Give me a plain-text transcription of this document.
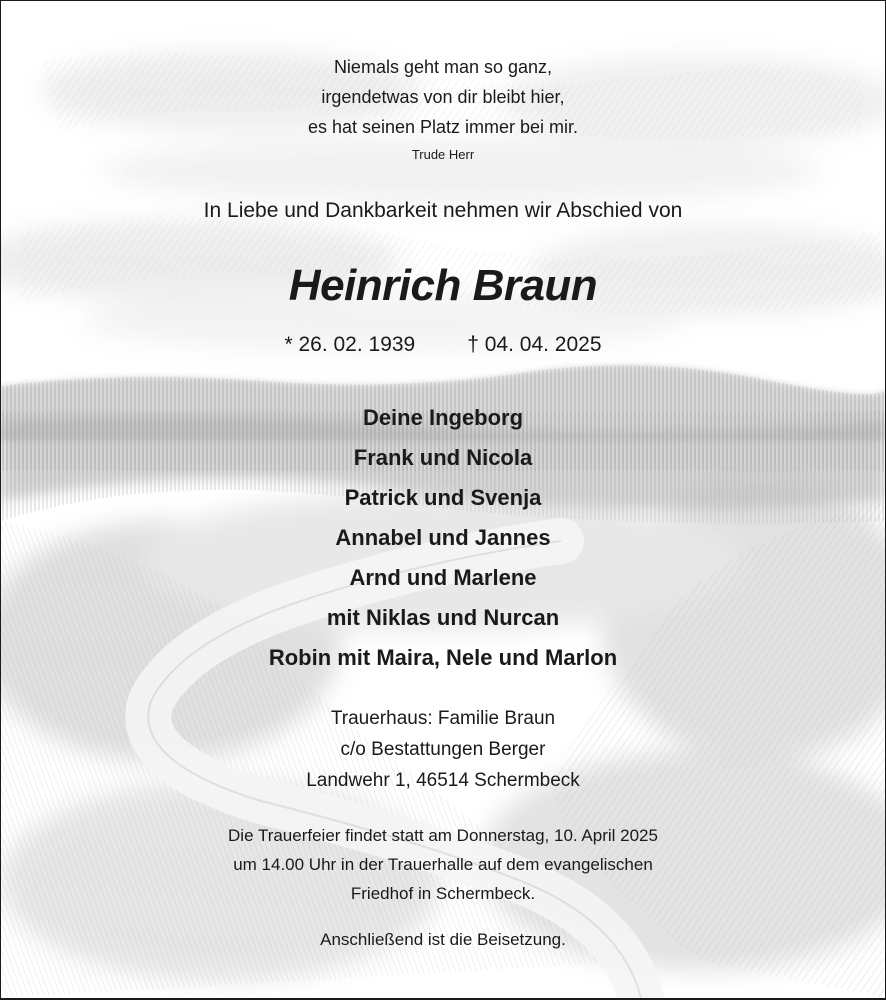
Niemals geht man so ganz,
irgendetwas von dir bleibt hier,
es hat seinen Platz immer bei mir.
Trude Herr
In Liebe und Dankbarkeit nehmen wir Abschied von
Heinrich Braun
* 26. 02. 1939 † 04. 04. 2025
Deine Ingeborg
Frank und Nicola
Patrick und Svenja
Annabel und Jannes
Arnd und Marlene
mit Niklas und Nurcan
Robin mit Maira, Nele und Marlon
Trauerhaus: Familie Braun
c/o Bestattungen Berger
Landwehr 1, 46514 Schermbeck
Die Trauerfeier findet statt am Donnerstag, 10. April 2025
um 14.00 Uhr in der Trauerhalle auf dem evangelischen
Friedhof in Schermbeck.
Anschließend ist die Beisetzung.
